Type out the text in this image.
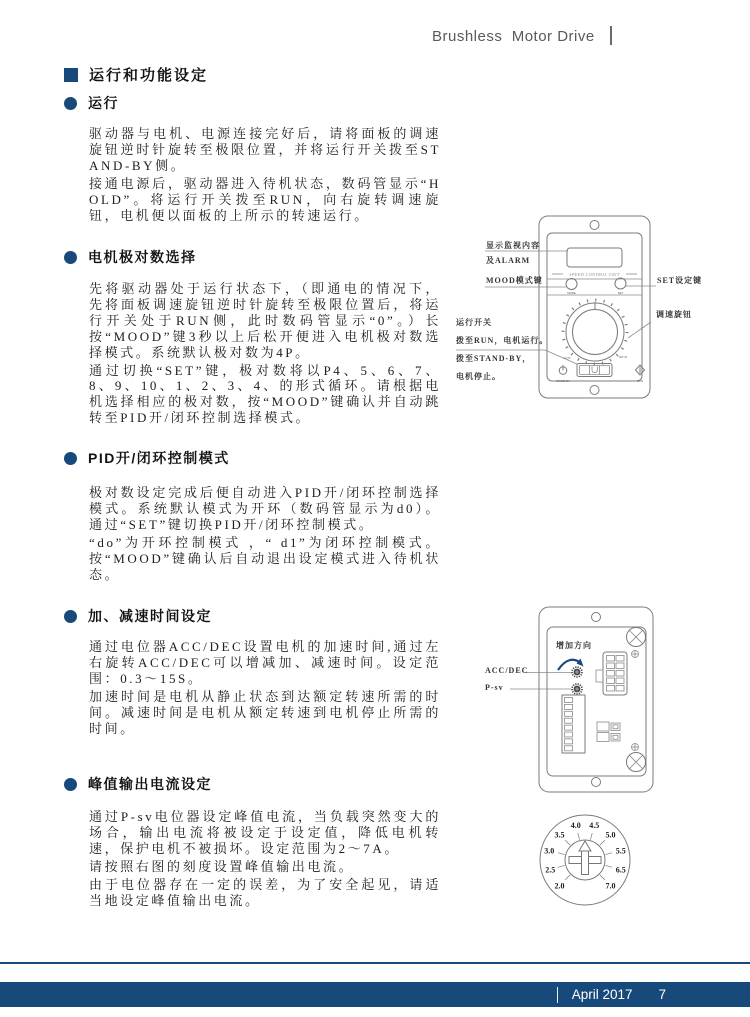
Brushless  Motor Drive
运行和功能设定
运行

驱动器与电机、电源连接完好后，请将面板的调速旋钮逆时针旋转至极限位置，并将运行开关拨至STAND-BY侧。

接通电源后，驱动器进入待机状态，数码管显示“HOLD”。将运行开关拨至RUN，向右旋转调速旋钮，电机便以面板的上所示的转速运行。

电机极对数选择

先将驱动器处于运行状态下，（即通电的情况下，先将面板调速旋钮逆时针旋转至极限位置后，将运行开关处于RUN侧，此时数码管显示“0”。）长按“MOOD”键3秒以上后松开便进入电机极对数选择模式。系统默认极对数为4P。

通过切换“SET”键，极对数将以P4、5、6、7、8、9、10、1、2、3、4、的形式循环。请根据电机选择相应的极对数，按“MOOD”键确认并自动跳转至PID开/闭环控制选择模式。

PID开/闭环控制模式

极对数设定完成后便自动进入PID开/闭环控制选择模式。系统默认模式为开环（数码管显示为d0）。通过“SET”键切换PID开/闭环控制模式。

“do”为开环控制模式 ，“ d1”为闭环控制模式。按“MOOD”键确认后自动退出设定模式进入待机状态。

加、减速时间设定

通过电位器ACC/DEC设置电机的加速时间,通过左右旋转ACC/DEC可以增减加、减速时间。设定范围：0.3～15S。

加速时间是电机从静止状态到达额定转速所需的时间。减速时间是电机从额定转速到电机停止所需的时间。

峰值输出电流设定

通过P-sv电位器设定峰值电流，当负载突然变大的场合，输出电流将被设定于设定值，降低电机转速，保护电机不被损坏。设定范围为2～7A。

请按照右图的刻度设置峰值输出电流。

由于电位器存在一定的误差，为了安全起见，请适当地设定峰值输出电流。

SPEED CONTROL UNIT
MODE	SET
LOW	HIGH
STAND-BY	RUN
显示监视内容
及ALARM
MOOD模式键	SET设定键
调速旋钮
运行开关
拨至RUN，电机运行。
拨至STAND-BY，
电机停止。
增加方向
ACC/DEC
P-sv
2.0
2.5
3.0
3.5
4.0 4.5
5.0
5.5
6.5
7.0
April 2017 7
